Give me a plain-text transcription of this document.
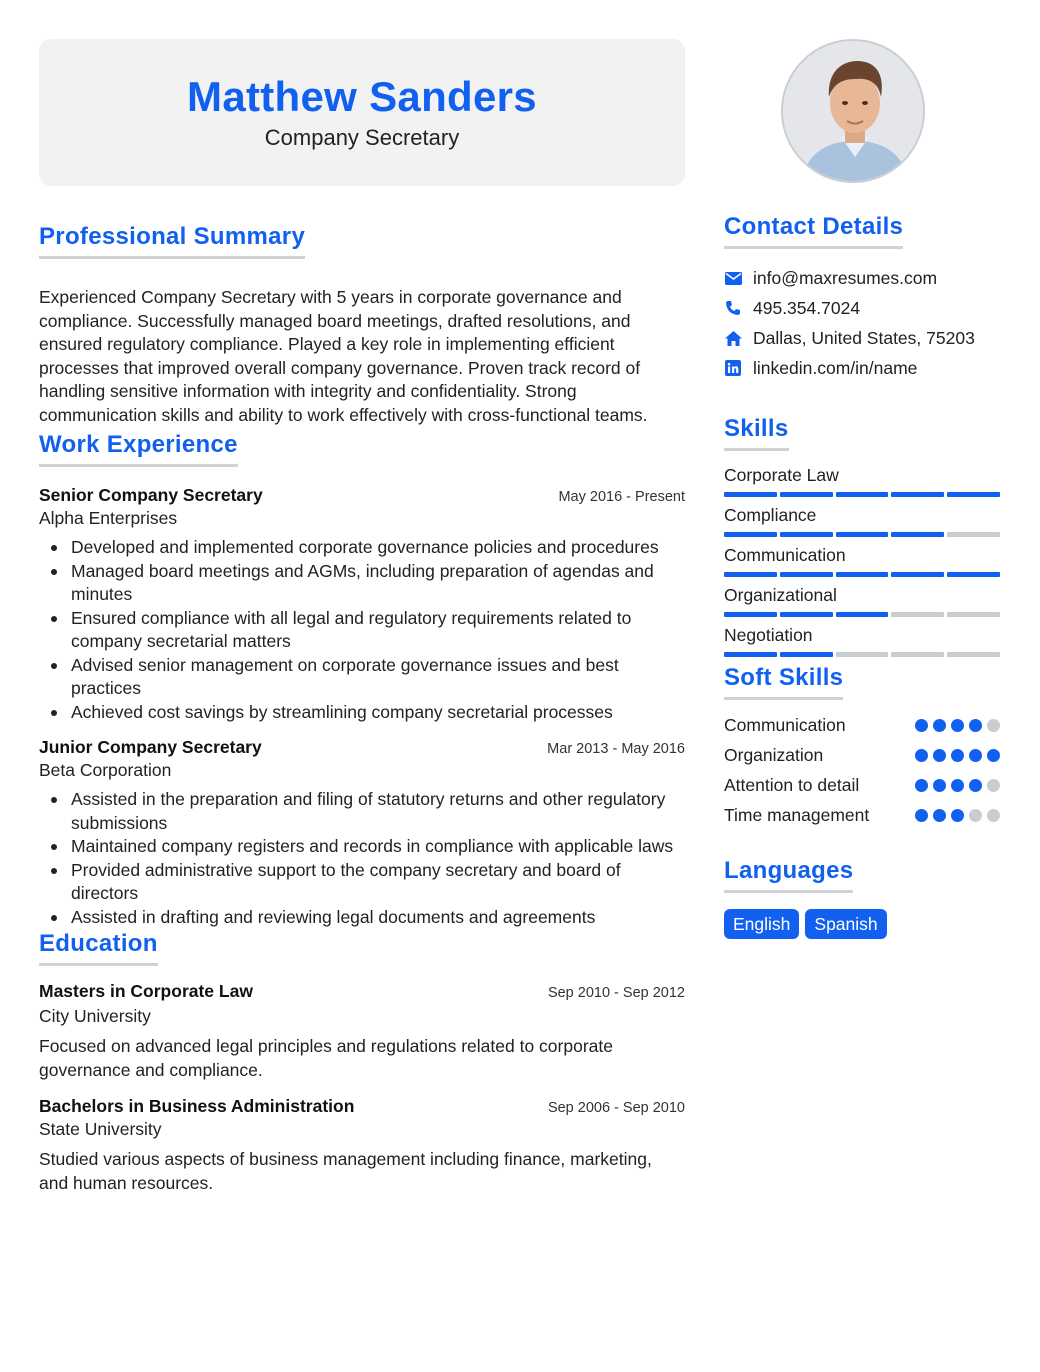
Matthew Sanders
Company Secretary
Professional Summary

Experienced Company Secretary with 5 years in corporate governance and compliance. Successfully managed board meetings, drafted resolutions, and ensured regulatory compliance. Played a key role in implementing efficient processes that improved overall company governance. Proven track record of handling sensitive information with integrity and confidentiality. Strong communication skills and ability to work effectively with cross-functional teams.

Work Experience
Senior Company Secretary	May 2016 - Present
Alpha Enterprises
Developed and implemented corporate governance policies and procedures
Managed board meetings and AGMs, including preparation of agendas and minutes
Ensured compliance with all legal and regulatory requirements related to company secretarial matters
Advised senior management on corporate governance issues and best practices
Achieved cost savings by streamlining company secretarial processes
Junior Company Secretary	Mar 2013 - May 2016
Beta Corporation
Assisted in the preparation and filing of statutory returns and other regulatory submissions
Maintained company registers and records in compliance with applicable laws
Provided administrative support to the company secretary and board of directors
Assisted in drafting and reviewing legal documents and agreements
Education
Masters in Corporate Law	Sep 2010 - Sep 2012
City University

Focused on advanced legal principles and regulations related to corporate governance and compliance.

Bachelors in Business Administration	Sep 2006 - Sep 2010
State University

Studied various aspects of business management including finance, marketing, and human resources.

Contact Details
info@maxresumes.com
495.354.7024
Dallas, United States, 75203
linkedin.com/in/name
Skills
Corporate Law
Compliance
Communication
Organizational
Negotiation
Soft Skills
Communication
Organization
Attention to detail
Time management
Languages
English	Spanish
